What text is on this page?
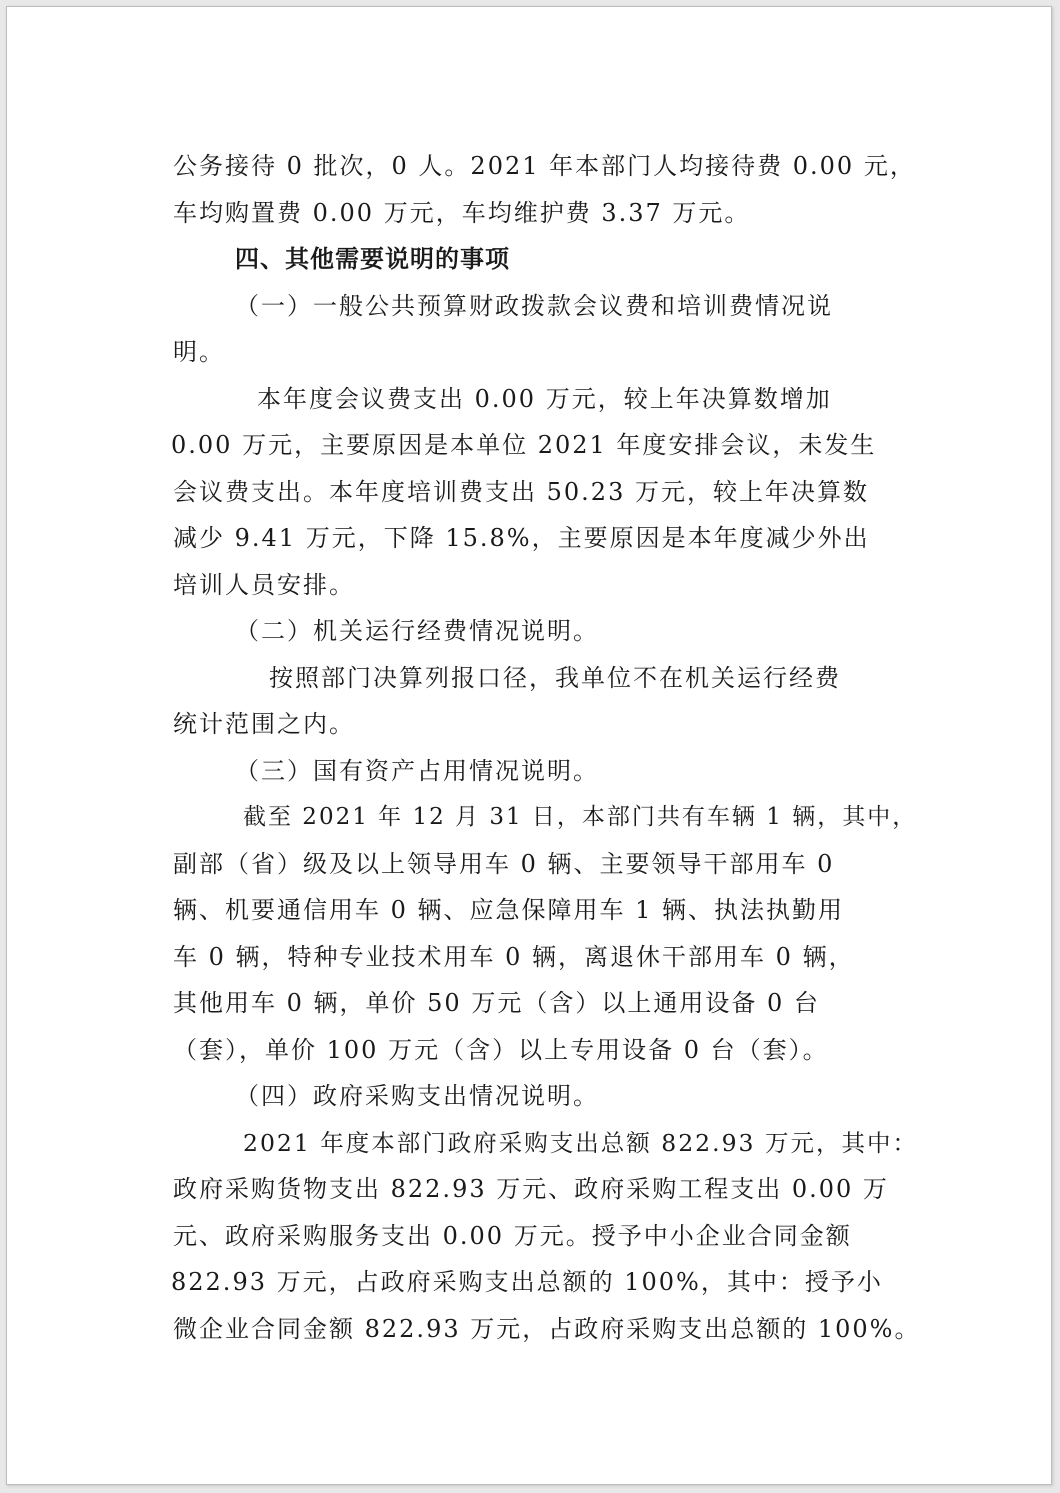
公务接待 0 批次，0 人。2021 年本部门人均接待费 0.00 元，
车均购置费 0.00 万元，车均维护费 3.37 万元。
四、其他需要说明的事项
（一）一般公共预算财政拨款会议费和培训费情况说
明。
本年度会议费支出 0.00 万元，较上年决算数增加
0.00 万元，主要原因是本单位 2021 年度安排会议，未发生
会议费支出。本年度培训费支出 50.23 万元，较上年决算数
减少 9.41 万元，下降 15.8%，主要原因是本年度减少外出
培训人员安排。
（二）机关运行经费情况说明。
按照部门决算列报口径，我单位不在机关运行经费
统计范围之内。
（三）国有资产占用情况说明。
截至 2021 年 12 月 31 日，本部门共有车辆 1 辆，其中，
副部（省）级及以上领导用车 0 辆、主要领导干部用车 0
辆、机要通信用车 0 辆、应急保障用车 1 辆、执法执勤用
车 0 辆，特种专业技术用车 0 辆，离退休干部用车 0 辆，
其他用车 0 辆，单价 50 万元（含）以上通用设备 0 台
（套），单价 100 万元（含）以上专用设备 0 台（套）。
（四）政府采购支出情况说明。
2021 年度本部门政府采购支出总额 822.93 万元，其中：
政府采购货物支出 822.93 万元、政府采购工程支出 0.00 万
元、政府采购服务支出 0.00 万元。授予中小企业合同金额
822.93 万元，占政府采购支出总额的 100%，其中：授予小
微企业合同金额 822.93 万元，占政府采购支出总额的 100%。
